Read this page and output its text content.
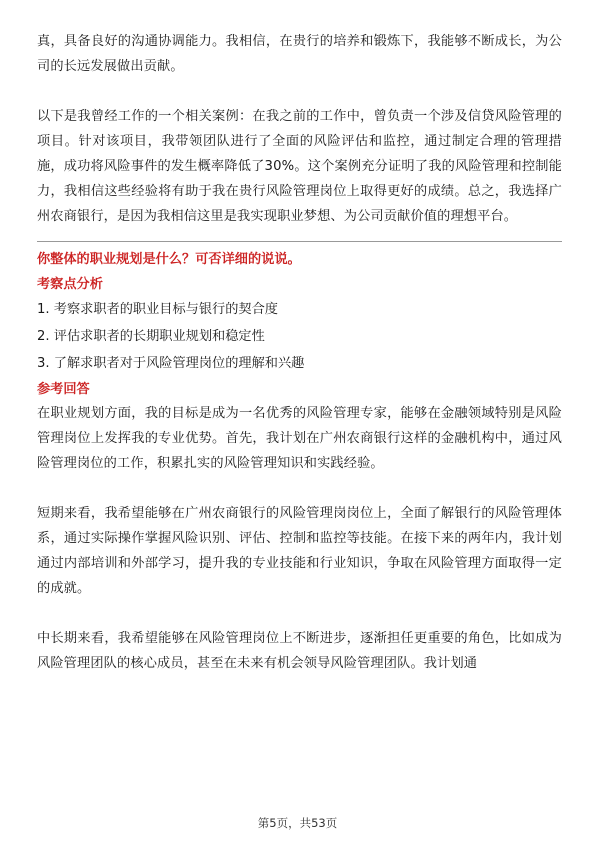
真，具备良好的沟通协调能力。我相信，在贵行的培养和锻炼下，我能够不断成长，为公司的长远发展做出贡献。

以下是我曾经工作的一个相关案例：在我之前的工作中，曾负责一个涉及信贷风险管理的项目。针对该项目，我带领团队进行了全面的风险评估和监控，通过制定合理的管理措施，成功将风险事件的发生概率降低了30%。这个案例充分证明了我的风险管理和控制能力，我相信这些经验将有助于我在贵行风险管理岗位上取得更好的成绩。总之，我选择广州农商银行，是因为我相信这里是我实现职业梦想、为公司贡献价值的理想平台。

你整体的职业规划是什么？可否详细的说说。

考察点分析

1. 考察求职者的职业目标与银行的契合度

2. 评估求职者的长期职业规划和稳定性

3. 了解求职者对于风险管理岗位的理解和兴趣

参考回答

在职业规划方面，我的目标是成为一名优秀的风险管理专家，能够在金融领域特别是风险管理岗位上发挥我的专业优势。首先，我计划在广州农商银行这样的金融机构中，通过风险管理岗位的工作，积累扎实的风险管理知识和实践经验。

短期来看，我希望能够在广州农商银行的风险管理岗岗位上，全面了解银行的风险管理体系，通过实际操作掌握风险识别、评估、控制和监控等技能。在接下来的两年内，我计划通过内部培训和外部学习，提升我的专业技能和行业知识，争取在风险管理方面取得一定的成就。

中长期来看，我希望能够在风险管理岗位上不断进步，逐渐担任更重要的角色，比如成为风险管理团队的核心成员，甚至在未来有机会领导风险管理团队。我计划通

第5页，共53页
